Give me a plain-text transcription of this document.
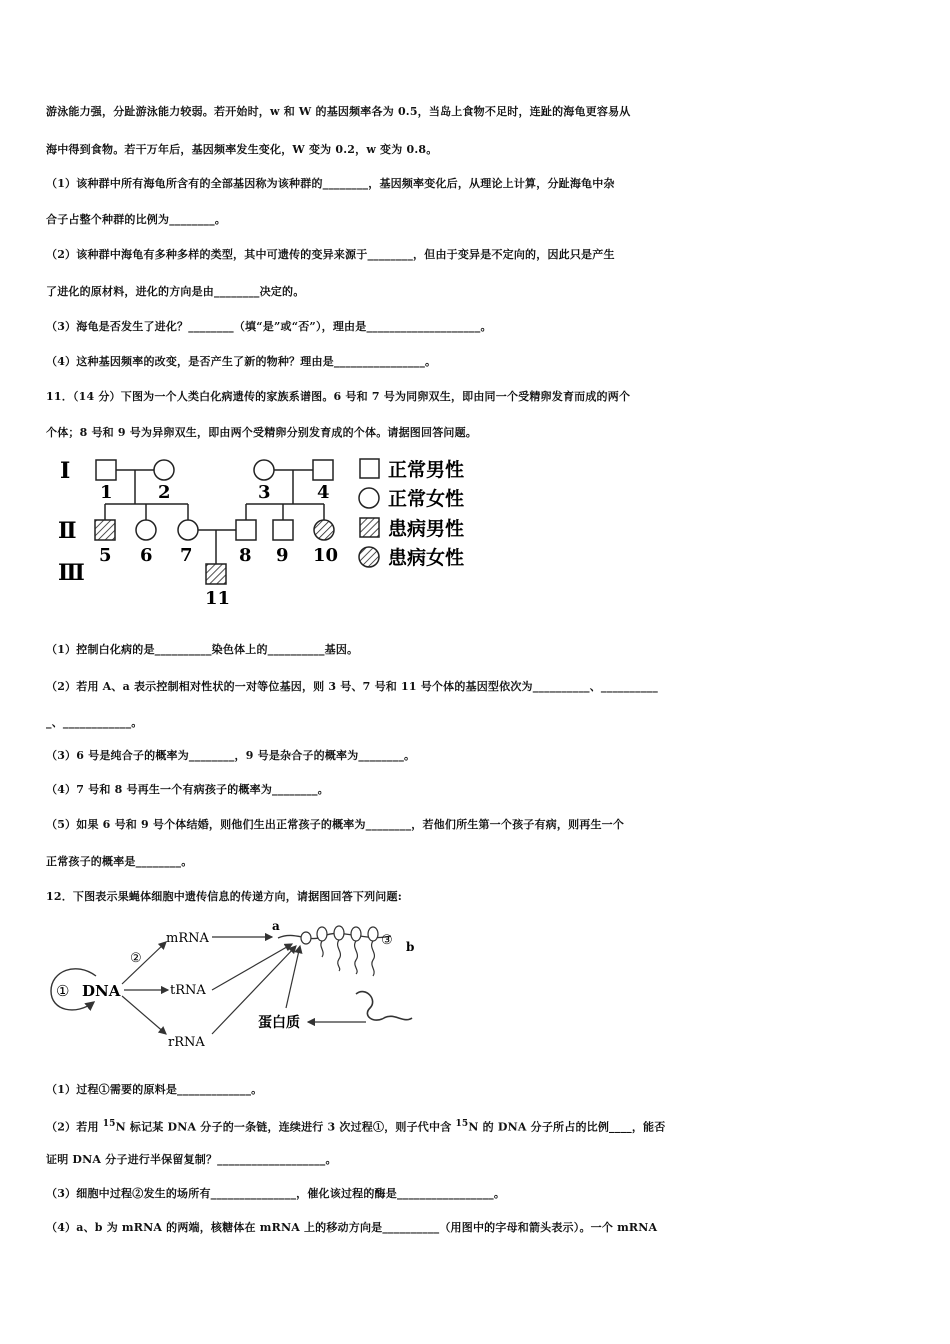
游泳能力强，分趾游泳能力较弱。若开始时，w 和 W 的基因频率各为 0.5，当岛上食物不足时，连趾的海龟更容易从
海中得到食物。若干万年后，基因频率发生变化，W 变为 0.2，w 变为 0.8。
（1）该种群中所有海龟所含有的全部基因称为该种群的________，基因频率变化后，从理论上计算，分趾海龟中杂
合子占整个种群的比例为________。
（2）该种群中海龟有多种多样的类型，其中可遗传的变异来源于________，但由于变异是不定向的，因此只是产生
了进化的原材料，进化的方向是由________决定的。
（3）海龟是否发生了进化？________（填“是”或“否”），理由是____________________。
（4）这种基因频率的改变，是否产生了新的物种？理由是________________。
11．（14 分）下图为一个人类白化病遗传的家族系谱图。6 号和 7 号为同卵双生，即由同一个受精卵发育而成的两个
个体；8 号和 9 号为异卵双生，即由两个受精卵分别发育成的个体。请据图回答问题。
Ⅰ
Ⅱ
Ⅲ
1	2	3	4
5 6 7	8 9 10
11
正常男性
正常女性
患病男性
患病女性
（1）控制白化病的是__________染色体上的__________基因。
（2）若用 A、a 表示控制相对性状的一对等位基因，则 3 号、7 号和 11 号个体的基因型依次为__________、__________
_、____________。
（3）6 号是纯合子的概率为________，9 号是杂合子的概率为________。
（4）7 号和 8 号再生一个有病孩子的概率为________。
（5）如果 6 号和 9 号个体结婚，则他们生出正常孩子的概率为________，若他们所生第一个孩子有病，则再生一个
正常孩子的概率是________。
12．下图表示果蝇体细胞中遗传信息的传递方向，请据图回答下列问题:
① DNA
②
mRNA
tRNA
rRNA
a
③ b
蛋白质
（1）过程①需要的原料是_____________。
（2）若用 $^{15}$N 标记某 DNA 分子的一条链，连续进行 3 次过程①，则子代中含 $^{15}$N 的 DNA 分子所占的比例____，能否
证明 DNA 分子进行半保留复制？___________________。
（3）细胞中过程②发生的场所有_______________，催化该过程的酶是_________________。
（4）a、b 为 mRNA 的两端，核糖体在 mRNA 上的移动方向是__________（用图中的字母和箭头表示）。一个 mRNA
